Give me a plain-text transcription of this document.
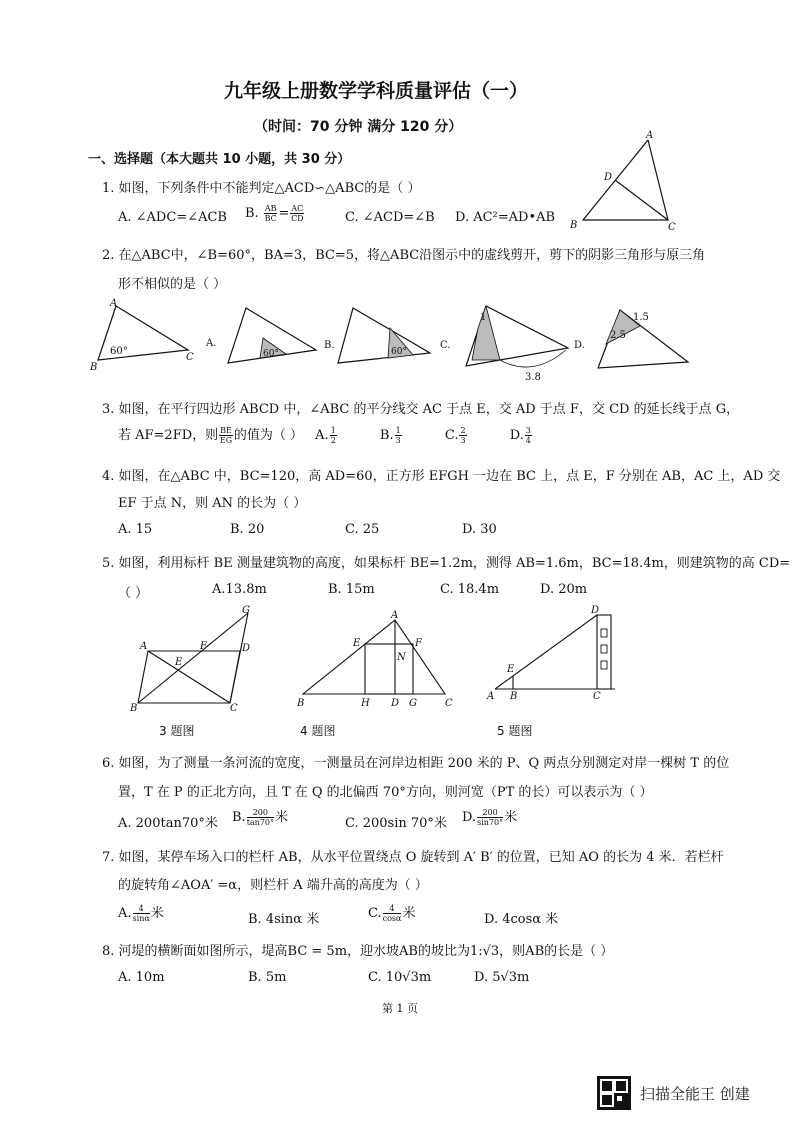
九年级上册数学学科质量评估（一）
（时间：70 分钟 满分 120 分）
一、选择题（本大题共 10 小题，共 30 分）
1. 如图，下列条件中不能判定△ACD∽△ABC的是（ ）
A. ∠ADC=∠ACB B. $\frac{AB}{BC} = \frac{AC}{CD}$	C. ∠ACD=∠B D. AC²=AD•AB
A
D
B	C
2. 在△ABC中，∠B=60°，BA=3，BC=5，将△ABC沿图示中的虚线剪开，剪下的阴影三角形与原三角
形不相似的是（ ）
A
B
C
60°
A.
60°
B.
60°
C.
1
3.8
D.
1.5
2.5
3. 如图，在平行四边形 ABCD 中，∠ABC 的平分线交 AC 于点 E，交 AD 于点 F，交 CD 的延长线于点 G，
若 AF=2FD，则 $\frac{BE}{EG}$ 的值为（ ） A. $\frac{1}{2}$	B. $\frac{1}{3}$	C. $\frac{2}{3}$	D. $\frac{3}{4}$
4. 如图，在△ABC 中，BC=120，高 AD=60，正方形 EFGH 一边在 BC 上，点 E，F 分别在 AB，AC 上，AD 交
EF 于点 N，则 AN 的长为（ ）
A. 15	B. 20	C. 25	D. 30
5. 如图，利用标杆 BE 测量建筑物的高度，如果标杆 BE=1.2m，测得 AB=1.6m，BC=18.4m，则建筑物的高 CD=
（ ）	A.13.8m	B. 15m	C. 18.4m	D. 20m
G
A	F	D
E
B	C
3 题图
A
E	F
N
B	H D G	C
4 题图
D
E
A B	C
5 题图
6. 如图，为了测量一条河流的宽度，一测量员在河岸边相距 200 米的 P、Q 两点分别测定对岸一棵树 T 的位
置，T 在 P 的正北方向，且 T 在 Q 的北偏西 70°方向，则河宽（PT 的长）可以表示为（ ）
A. 200tan70°米 B. $\frac{200}{\tan 70^\circ}$ 米	C. 200sin 70°米 D. $\frac{200}{\sin 70^\circ}$ 米
7. 如图，某停车场入口的栏杆 AB，从水平位置绕点 O 旋转到 A′ B′ 的位置，已知 AO 的长为 4 米．若栏杆
的旋转角∠AOA′ =α，则栏杆 A 端升高的高度为（ ）
A. $\frac{4}{\sin\alpha}$ 米	B. 4sinα 米	C. $\frac{4}{\cos\alpha}$ 米	D. 4cosα 米
8. 河堤的横断面如图所示，堤高BC = 5m，迎水坡AB的坡比为1:√3，则AB的长是（ ）
A. 10m	B. 5m	C. 10√3m	D. 5√3m
第 1 页
扫描全能王 创建
